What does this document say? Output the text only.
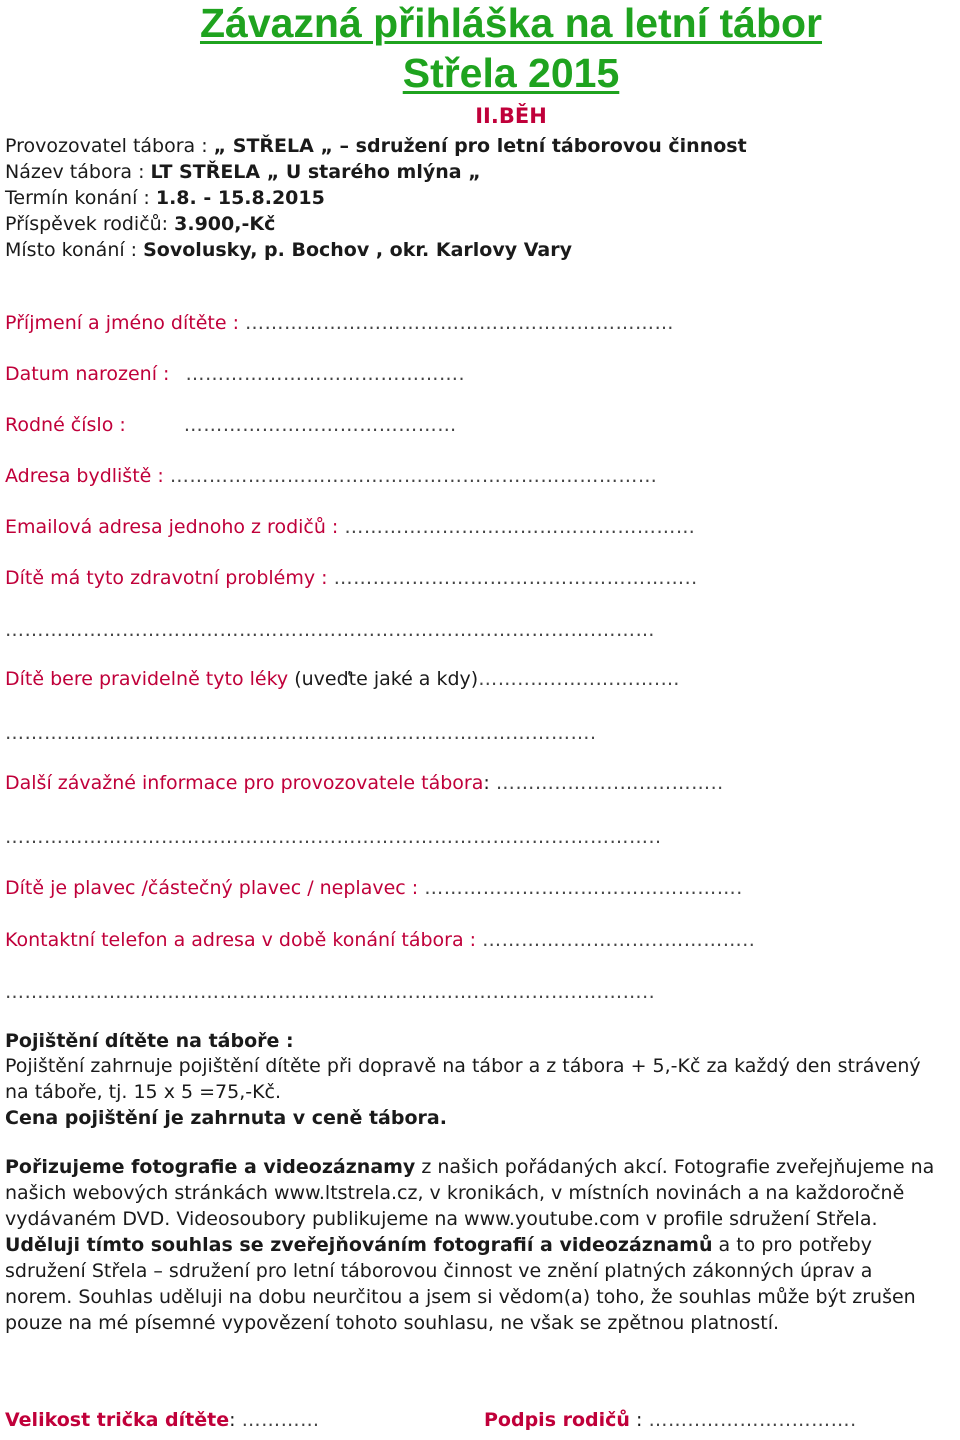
Závazná přihláška na letní tábor
Střela 2015
II.BĚH
Provozovatel tábora : „ STŘELA „ – sdružení pro letní táborovou činnost
Název tábora : LT STŘELA „ U starého mlýna „
Termín konání : 1.8. - 15.8.2015
Příspěvek rodičů: 3.900,-Kč
Místo konání : Sovolusky, p. Bochov , okr. Karlovy Vary
Příjmení a jméno dítěte : …………………………………………………………
Datum narození : …………………………………….
Rodné číslo :	……………………………………
Adresa bydliště : …………………………………………………………………
Emailová adresa jednoho z rodičů : ………………………………………………
Dítě má tyto zdravotní problémy : ………………………………………………..
……………………………………………………………………………….………
Dítě bere pravidelně tyto léky (uveďte jaké a kdy)……..…..…..……….…
……………………………………………………………………………….
Další závažné informace pro provozovatele tábora: ………..……..…..………..
………………………………………………………………………………………..
Dítě je plavec /částečný plavec / neplavec : ………………………………………….
Kontaktní telefon a adresa v době konání tábora : …………..…………..…………..
……………………………………………………………………………..………..
Pojištění dítěte na táboře :
Pojištění zahrnuje pojištění dítěte při dopravě na tábor a z tábora + 5,-Kč za každý den strávený na táboře, tj. 15 x 5 =75,-Kč.
Cena pojištění je zahrnuta v ceně tábora.
Pořizujeme fotografie a videozáznamy z našich pořádaných akcí. Fotografie zveřejňujeme na našich webových stránkách www.ltstrela.cz, v kronikách, v místních novinách a na každoročně vydávaném DVD. Videosoubory publikujeme na www.youtube.com v profile sdružení Střela. Uděluji tímto souhlas se zveřejňováním fotografií a videozáznamů a to pro potřeby sdružení Střela – sdružení pro letní táborovou činnost ve znění platných zákonných úprav a norem. Souhlas uděluji na dobu neurčitou a jsem si vědom(a) toho, že souhlas může být zrušen pouze na mé písemné vypovězení tohoto souhlasu, ne však se zpětnou platností.
Velikost trička dítěte: …………	Podpis rodičů : ……..…………..……….
